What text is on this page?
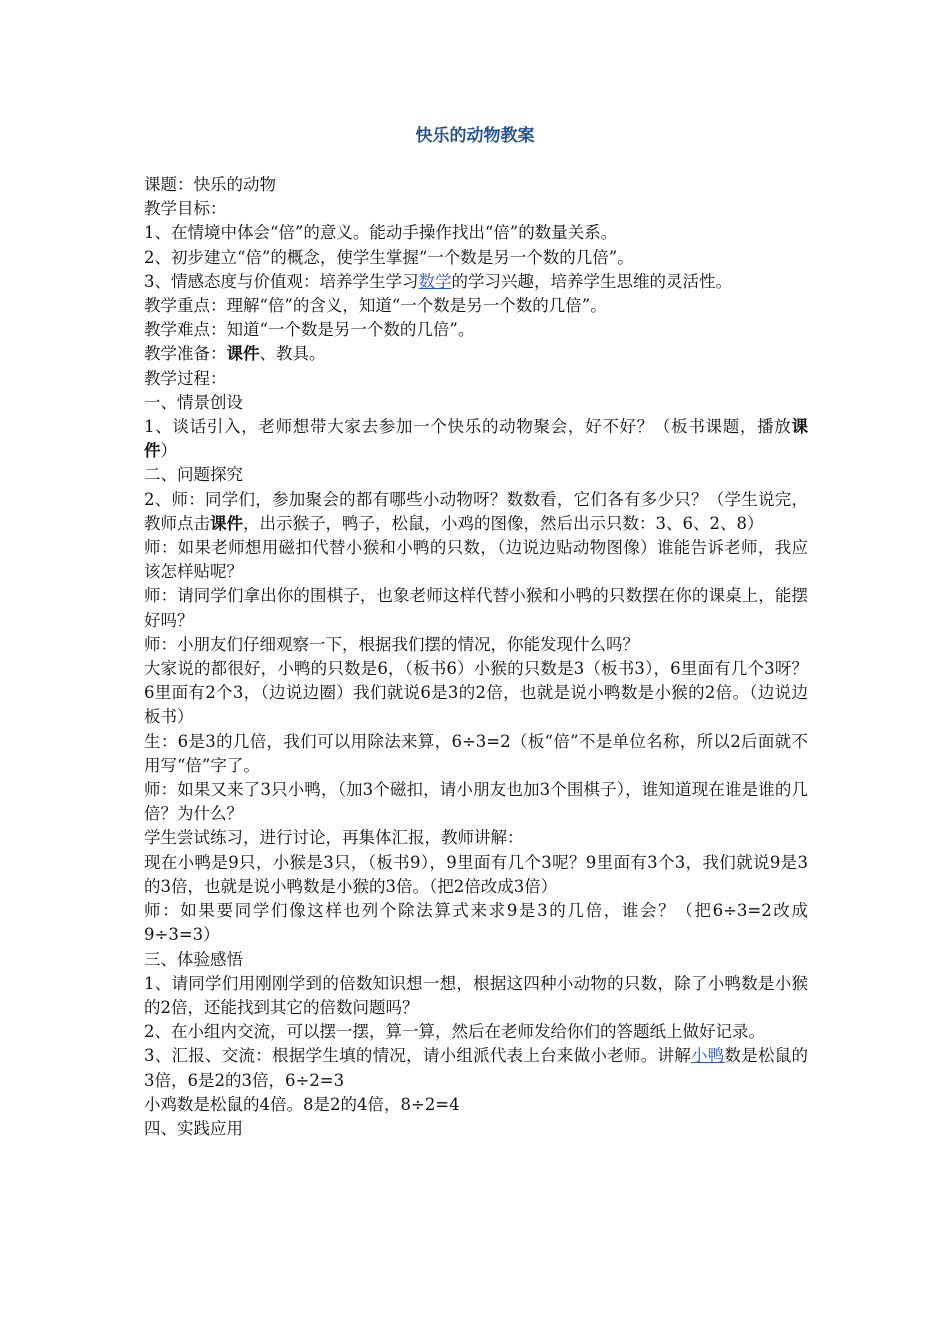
快乐的动物教案

课题：快乐的动物

教学目标：

1、在情境中体会“倍”的意义。能动手操作找出“倍”的数量关系。

2、初步建立“倍”的概念，使学生掌握“一个数是另一个数的几倍”。

3、情感态度与价值观：培养学生学习数学的学习兴趣，培养学生思维的灵活性。

教学重点：理解“倍”的含义，知道“一个数是另一个数的几倍”。

教学难点：知道“一个数是另一个数的几倍”。

教学准备：课件、教具。

教学过程：

一、情景创设

1、谈话引入，老师想带大家去参加一个快乐的动物聚会，好不好？（板书课题，播放课件）

二、问题探究

2、师：同学们，参加聚会的都有哪些小动物呀？数数看，它们各有多少只？（学生说完，教师点击课件，出示猴子，鸭子，松鼠，小鸡的图像，然后出示只数：3、6、2、8）

师：如果老师想用磁扣代替小猴和小鸭的只数，（边说边贴动物图像）谁能告诉老师，我应该怎样贴呢？

师：请同学们拿出你的围棋子，也象老师这样代替小猴和小鸭的只数摆在你的课桌上，能摆好吗？

师：小朋友们仔细观察一下，根据我们摆的情况，你能发现什么吗？

大家说的都很好，小鸭的只数是6，（板书6）小猴的只数是3（板书3），6里面有几个3呀？6里面有2个3，（边说边圈）我们就说6是3的2倍，也就是说小鸭数是小猴的2倍。（边说边板书）

生：6是3的几倍，我们可以用除法来算，6÷3=2（板“倍”不是单位名称，所以2后面就不用写“倍”字了。

师：如果又来了3只小鸭，（加3个磁扣，请小朋友也加3个围棋子），谁知道现在谁是谁的几倍？为什么？

学生尝试练习，进行讨论，再集体汇报，教师讲解：

现在小鸭是9只，小猴是3只，（板书9），9里面有几个3呢？9里面有3个3，我们就说9是3的3倍，也就是说小鸭数是小猴的3倍。（把2倍改成3倍）

师：如果要同学们像这样也列个除法算式来求9是3的几倍，谁会？（把6÷3=2改成9÷3=3）

三、体验感悟

1、请同学们用刚刚学到的倍数知识想一想，根据这四种小动物的只数，除了小鸭数是小猴的2倍，还能找到其它的倍数问题吗？

2、在小组内交流，可以摆一摆，算一算，然后在老师发给你们的答题纸上做好记录。

3、汇报、交流：根据学生填的情况，请小组派代表上台来做小老师。讲解小鸭数是松鼠的3倍，6是2的3倍，6÷2=3

小鸡数是松鼠的4倍。8是2的4倍，8÷2=4

四、实践应用
